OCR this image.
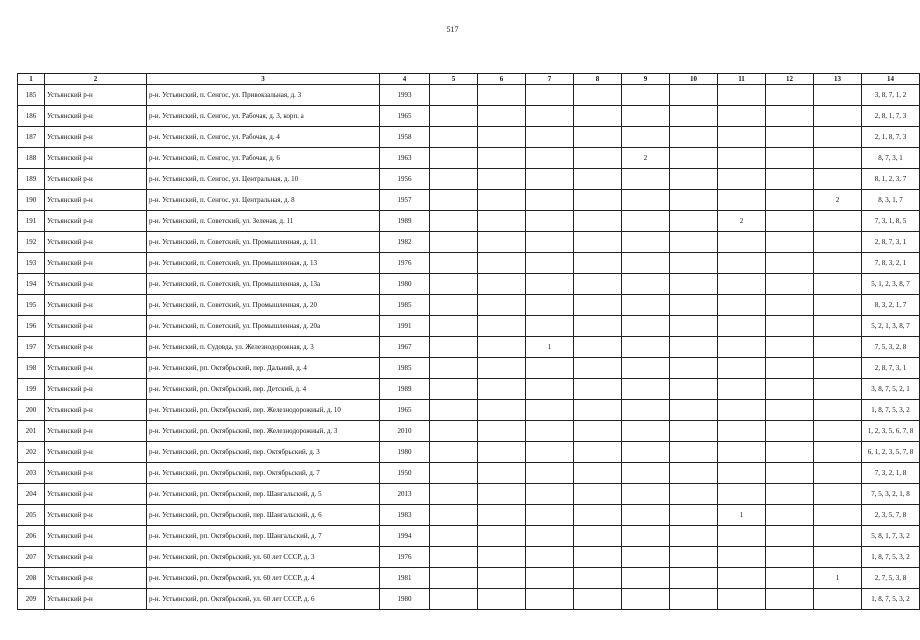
517
1	2	3	4	5	6	7	8	9	10	11	12	13	14
185	Устьянский р-н	р-н. Устьянский, п. Сенгос, ул. Привокзальная, д. 3	1993										3, 8, 7, 1, 2
186	Устьянский р-н	р-н. Устьянский, п. Сенгос, ул. Рабочая, д. 3, корп. а	1965										2, 8, 1, 7, 3
187	Устьянский р-н	р-н. Устьянский, п. Сенгос, ул. Рабочая, д. 4	1958										2, 1, 8, 7, 3
188	Устьянский р-н	р-н. Устьянский, п. Сенгос, ул. Рабочая, д. 6	1963					2					8, 7, 3, 1
189	Устьянский р-н	р-н. Устьянский, п. Сенгос, ул. Центральная, д. 10	1956										8, 1, 2, 3, 7
190	Устьянский р-н	р-н. Устьянский, п. Сенгос, ул. Центральная, д. 8	1957									2	8, 3, 1, 7
191	Устьянский р-н	р-н. Устьянский, п. Советский, ул. Зеленая, д. 11	1989							2			7, 3, 1, 8, 5
192	Устьянский р-н	р-н. Устьянский, п. Советский, ул. Промышленная, д. 11	1982										2, 8, 7, 3, 1
193	Устьянский р-н	р-н. Устьянский, п. Советский, ул. Промышленная, д. 13	1976										7, 8, 3, 2, 1
194	Устьянский р-н	р-н. Устьянский, п. Советский, ул. Промышленная, д. 13а	1980										5, 1, 2, 3, 8, 7
195	Устьянский р-н	р-н. Устьянский, п. Советский, ул. Промышленная, д. 20	1985										8, 3, 2, 1, 7
196	Устьянский р-н	р-н. Устьянский, п. Советский, ул. Промышленная, д. 20а	1991										5, 2, 1, 3, 8, 7
197	Устьянский р-н	р-н. Устьянский, п. Судовда, ул. Железнодорожная, д. 3	1967			1							7, 5, 3, 2, 8
198	Устьянский р-н	р-н. Устьянский, рп. Октябрьский, пер. Дальний, д. 4	1985										2, 8, 7, 3, 1
199	Устьянский р-н	р-н. Устьянский, рп. Октябрьский, пер. Детский, д. 4	1989										3, 8, 7, 5, 2, 1
200	Устьянский р-н	р-н. Устьянский, рп. Октябрьский, пер. Железнодорожный, д. 10	1965										1, 8, 7, 5, 3, 2
201	Устьянский р-н	р-н. Устьянский, рп. Октябрьский, пер. Железнодорожный, д. 3	2010										1, 2, 3, 5, 6, 7, 8
202	Устьянский р-н	р-н. Устьянский, рп. Октябрьский, пер. Октябрьский, д. 3	1980										6, 1, 2, 3, 5, 7, 8
203	Устьянский р-н	р-н. Устьянский, рп. Октябрьский, пер. Октябрьский, д. 7	1950										7, 3, 2, 1, 8
204	Устьянский р-н	р-н. Устьянский, рп. Октябрьский, пер. Шангальский, д. 5	2013										7, 5, 3, 2, 1, 8
205	Устьянский р-н	р-н. Устьянский, рп. Октябрьский, пер. Шангальский, д. 6	1983							1			2, 3, 5, 7, 8
206	Устьянский р-н	р-н. Устьянский, рп. Октябрьский, пер. Шангальский, д. 7	1994										5, 8, 1, 7, 3, 2
207	Устьянский р-н	р-н. Устьянский, рп. Октябрьский, ул. 60 лет СССР, д. 3	1976										1, 8, 7, 5, 3, 2
208	Устьянский р-н	р-н. Устьянский, рп. Октябрьский, ул. 60 лет СССР, д. 4	1981									1	2, 7, 5, 3, 8
209	Устьянский р-н	р-н. Устьянский, рп. Октябрьский, ул. 60 лет СССР, д. 6	1980										1, 8, 7, 5, 3, 2
